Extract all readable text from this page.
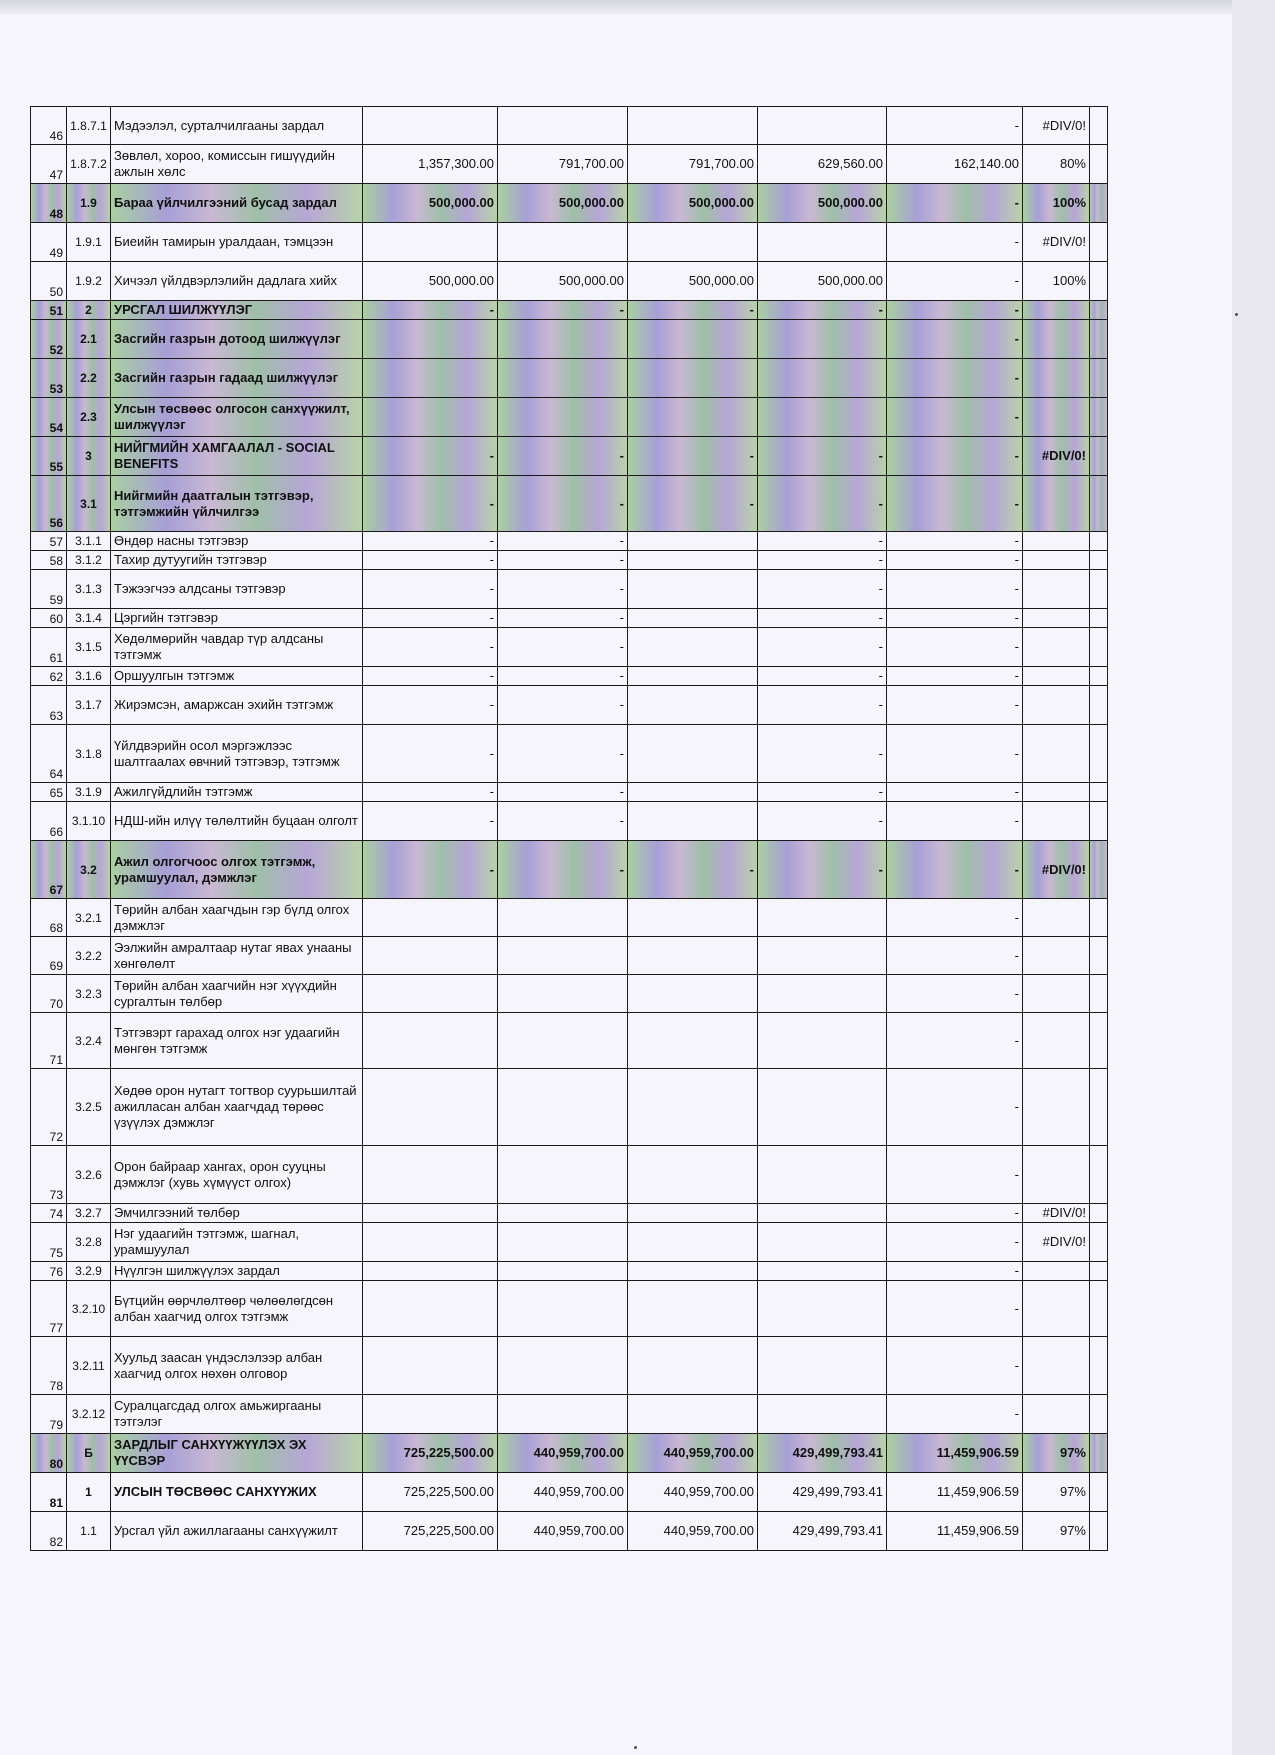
46	1.8.7.1	Мэдээлэл, сурталчилгааны зардал					-	#DIV/0!	
47	1.8.7.2	Зөвлөл, хороо, комиссын гишүүдийн ажлын хөлс	1,357,300.00	791,700.00	791,700.00	629,560.00	162,140.00	80%	
48	1.9	Бараа үйлчилгээний бусад зардал	500,000.00	500,000.00	500,000.00	500,000.00	-	100%	
49	1.9.1	Биеийн тамирын уралдаан, тэмцээн					-	#DIV/0!	
50	1.9.2	Хичээл үйлдвэрлэлийн дадлага хийх	500,000.00	500,000.00	500,000.00	500,000.00	-	100%	
51	2	УРСГАЛ ШИЛЖҮҮЛЭГ	-	-	-	-	-		
52	2.1	Засгийн газрын дотоод шилжүүлэг					-		
53	2.2	Засгийн газрын гадаад шилжүүлэг					-		
54	2.3	Улсын төсвөөс олгосон санхүүжилт, шилжүүлэг					-		
55	3	НИЙГМИЙН ХАМГААЛАЛ - SOCIAL BENEFITS	-	-	-	-	-	#DIV/0!	
56	3.1	Нийгмийн даатгалын тэтгэвэр, тэтгэмжийн үйлчилгээ	-	-	-	-	-		
57	3.1.1	Өндөр насны тэтгэвэр	-	-		-	-		
58	3.1.2	Тахир дутуугийн тэтгэвэр	-	-		-	-		
59	3.1.3	Тэжээгчээ алдсаны тэтгэвэр	-	-		-	-		
60	3.1.4	Цэргийн тэтгэвэр	-	-		-	-		
61	3.1.5	Хөдөлмөрийн чавдар түр алдсаны тэтгэмж	-	-		-	-		
62	3.1.6	Оршуулгын тэтгэмж	-	-		-	-		
63	3.1.7	Жирэмсэн, амаржсан эхийн тэтгэмж	-	-		-	-		
64	3.1.8	Үйлдвэрийн осол мэргэжлээс шалтгаалах өвчний тэтгэвэр, тэтгэмж	-	-		-	-		
65	3.1.9	Ажилгүйдлийн тэтгэмж	-	-		-	-		
66	3.1.10	НДШ-ийн илүү төлөлтийн буцаан олголт	-	-		-	-		
67	3.2	Ажил олгогчоос олгох тэтгэмж, урамшуулал, дэмжлэг	-	-	-	-	-	#DIV/0!	
68	3.2.1	Төрийн албан хаагчдын гэр бүлд олгох дэмжлэг					-		
69	3.2.2	Ээлжийн амралтаар нутаг явах унааны хөнгөлөлт					-		
70	3.2.3	Төрийн албан хаагчийн нэг хүүхдийн сургалтын төлбөр					-		
71	3.2.4	Тэтгэвэрт гарахад олгох нэг удаагийн мөнгөн тэтгэмж					-		
72	3.2.5	Хөдөө орон нутагт тогтвор суурьшилтай ажилласан албан хаагчдад төрөөс үзүүлэх дэмжлэг					-		
73	3.2.6	Орон байраар хангах, орон сууцны дэмжлэг (хувь хүмүүст олгох)					-		
74	3.2.7	Эмчилгээний төлбөр					-	#DIV/0!	
75	3.2.8	Нэг удаагийн тэтгэмж, шагнал, урамшуулал					-	#DIV/0!	
76	3.2.9	Нүүлгэн шилжүүлэх зардал					-		
77	3.2.10	Бүтцийн өөрчлөлтөөр чөлөөлөгдсөн албан хаагчид олгох тэтгэмж					-		
78	3.2.11	Хуульд заасан үндэслэлээр албан хаагчид олгох нөхөн олговор					-		
79	3.2.12	Суралцагсдад олгох амьжиргааны тэтгэлэг					-		
80	Б	ЗАРДЛЫГ САНХҮҮЖҮҮЛЭХ ЭХ ҮҮСВЭР	725,225,500.00	440,959,700.00	440,959,700.00	429,499,793.41	11,459,906.59	97%	
81	1	УЛСЫН ТӨСВӨӨС САНХҮҮЖИХ	725,225,500.00	440,959,700.00	440,959,700.00	429,499,793.41	11,459,906.59	97%	
82	1.1	Урсгал үйл ажиллагааны санхүүжилт	725,225,500.00	440,959,700.00	440,959,700.00	429,499,793.41	11,459,906.59	97%	
